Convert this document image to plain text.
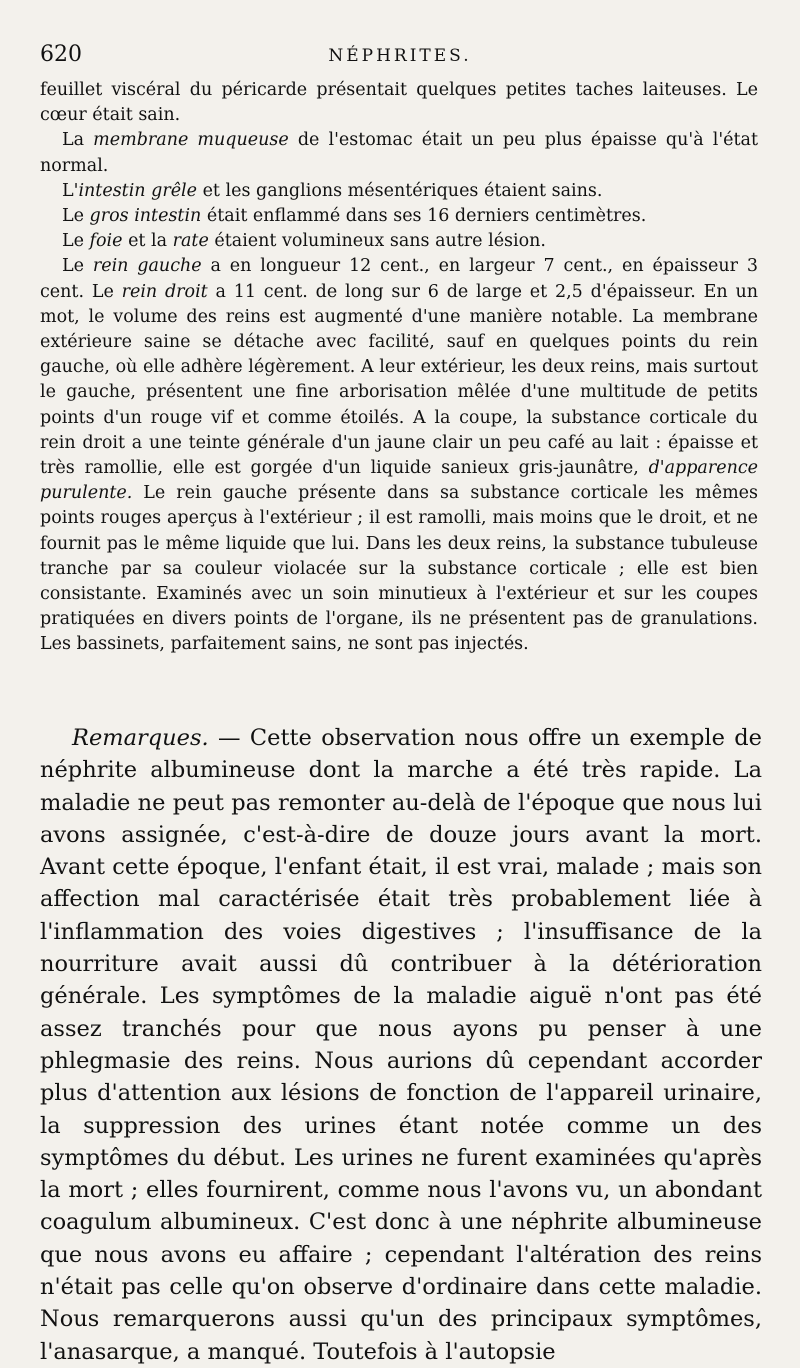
620	NÉPHRITES.

feuillet viscéral du péricarde présentait quelques petites taches laiteuses. Le cœur était sain.

La membrane muqueuse de l'estomac était un peu plus épaisse qu'à l'état normal.

L'intestin grêle et les ganglions mésentériques étaient sains.

Le gros intestin était enflammé dans ses 16 derniers centimètres.

Le foie et la rate étaient volumineux sans autre lésion.

Le rein gauche a en longueur 12 cent., en largeur 7 cent., en épaisseur 3 cent. Le rein droit a 11 cent. de long sur 6 de large et 2,5 d'épaisseur. En un mot, le volume des reins est augmenté d'une manière notable. La membrane extérieure saine se détache avec facilité, sauf en quelques points du rein gauche, où elle adhère légèrement. A leur extérieur, les deux reins, mais surtout le gauche, présentent une fine arborisation mêlée d'une multitude de petits points d'un rouge vif et comme étoilés. A la coupe, la substance corticale du rein droit a une teinte générale d'un jaune clair un peu café au lait : épaisse et très ramollie, elle est gorgée d'un liquide sanieux gris-jaunâtre, d'apparence purulente. Le rein gauche présente dans sa substance corticale les mêmes points rouges aperçus à l'extérieur ; il est ramolli, mais moins que le droit, et ne fournit pas le même liquide que lui. Dans les deux reins, la substance tubuleuse tranche par sa couleur violacée sur la substance corticale ; elle est bien consistante. Examinés avec un soin minutieux à l'extérieur et sur les coupes pratiquées en divers points de l'organe, ils ne présentent pas de granulations. Les bassinets, parfaitement sains, ne sont pas injectés.

Remarques. — Cette observation nous offre un exemple de néphrite albumineuse dont la marche a été très rapide. La maladie ne peut pas remonter au-delà de l'époque que nous lui avons assignée, c'est-à-dire de douze jours avant la mort. Avant cette époque, l'enfant était, il est vrai, malade ; mais son affection mal caractérisée était très probablement liée à l'inflammation des voies digestives ; l'insuffisance de la nourriture avait aussi dû contribuer à la détérioration générale. Les symptômes de la maladie aiguë n'ont pas été assez tranchés pour que nous ayons pu penser à une phlegmasie des reins. Nous aurions dû cependant accorder plus d'attention aux lésions de fonction de l'appareil urinaire, la suppression des urines étant notée comme un des symptômes du début. Les urines ne furent examinées qu'après la mort ; elles fournirent, comme nous l'avons vu, un abondant coagulum albumineux. C'est donc à une néphrite albumineuse que nous avons eu affaire ; cependant l'altération des reins n'était pas celle qu'on observe d'ordinaire dans cette maladie. Nous remarquerons aussi qu'un des principaux symptômes, l'anasarque, a manqué. Toutefois à l'autopsie
